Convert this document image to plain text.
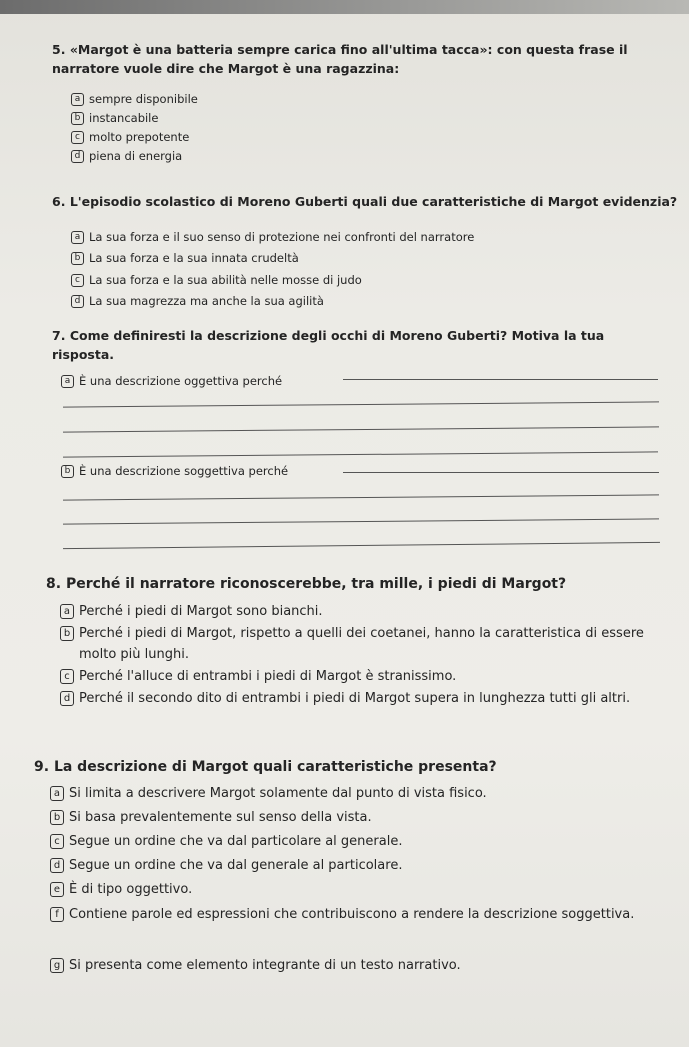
5. «Margot è una batteria sempre carica fino all'ultima tacca»: con questa frase il narratore vuole dire che Margot è una ragazzina:
a sempre disponibile
b instancabile
c molto prepotente
d piena di energia
6. L'episodio scolastico di Moreno Guberti quali due caratteristiche di Margot evidenzia?
a La sua forza e il suo senso di protezione nei confronti del narratore
b La sua forza e la sua innata crudeltà
c La sua forza e la sua abilità nelle mosse di judo
d La sua magrezza ma anche la sua agilità
7. Come definiresti la descrizione degli occhi di Moreno Guberti? Motiva la tua risposta.
a È una descrizione oggettiva perché
b È una descrizione soggettiva perché
8. Perché il narratore riconoscerebbe, tra mille, i piedi di Margot?
a Perché i piedi di Margot sono bianchi.
b Perché i piedi di Margot, rispetto a quelli dei coetanei, hanno la caratteristica di essere molto più lunghi.
c Perché l'alluce di entrambi i piedi di Margot è stranissimo.
d Perché il secondo dito di entrambi i piedi di Margot supera in lunghezza tutti gli altri.
9. La descrizione di Margot quali caratteristiche presenta?
a Si limita a descrivere Margot solamente dal punto di vista fisico.
b Si basa prevalentemente sul senso della vista.
c Segue un ordine che va dal particolare al generale.
d Segue un ordine che va dal generale al particolare.
e È di tipo oggettivo.
f Contiene parole ed espressioni che contribuiscono a rendere la descrizione soggettiva.
g Si presenta come elemento integrante di un testo narrativo.
